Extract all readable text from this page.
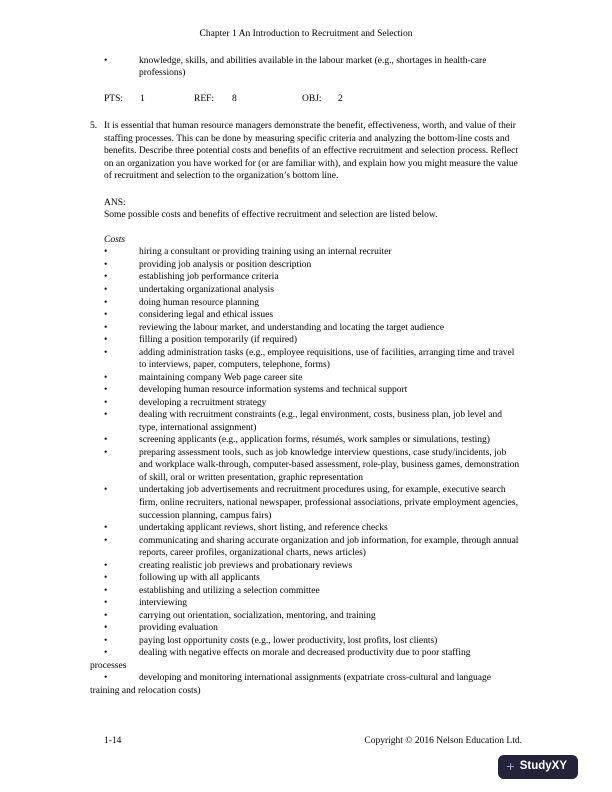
Chapter 1 An Introduction to Recruitment and Selection
•	knowledge, skills, and abilities available in the labour market (e.g., shortages in health-care professions)
PTS:	1	REF:	8	OBJ:	2
5. It is essential that human resource managers demonstrate the benefit, effectiveness, worth, and value of their staffing processes. This can be done by measuring specific criteria and analyzing the bottom-line costs and benefits. Describe three potential costs and benefits of an effective recruitment and selection process. Reflect on an organization you have worked for (or are familiar with), and explain how you might measure the value of recruitment and selection to the organization’s bottom line.
ANS:
Some possible costs and benefits of effective recruitment and selection are listed below.
Costs
•	hiring a consultant or providing training using an internal recruiter
•	providing job analysis or position description
•	establishing job performance criteria
•	undertaking organizational analysis
•	doing human resource planning
•	considering legal and ethical issues
•	reviewing the labour market, and understanding and locating the target audience
•	filling a position temporarily (if required)
•	adding administration tasks (e.g., employee requisitions, use of facilities, arranging time and travel to interviews, paper, computers, telephone, forms)
•	maintaining company Web page career site
•	developing human resource information systems and technical support
•	developing a recruitment strategy
•	dealing with recruitment constraints (e.g., legal environment, costs, business plan, job level and type, international assignment)
•	screening applicants (e.g., application forms, résumés, work samples or simulations, testing)
•	preparing assessment tools, such as job knowledge interview questions, case study/incidents, job and workplace walk-through, computer-based assessment, role-play, business games, demonstration of skill, oral or written presentation, graphic representation
•	undertaking job advertisements and recruitment procedures using, for example, executive search firm, online recruiters, national newspaper, professional associations, private employment agencies, succession planning, campus fairs)
•	undertaking applicant reviews, short listing, and reference checks
•	communicating and sharing accurate organization and job information, for example, through annual reports, career profiles, organizational charts, news articles)
•	creating realistic job previews and probationary reviews
•	following up with all applicants
•	establishing and utilizing a selection committee
•	interviewing
•	carrying out orientation, socialization, mentoring, and training
•	providing evaluation
•	paying lost opportunity costs (e.g., lower productivity, lost profits, lost clients)
•	dealing with negative effects on morale and decreased productivity due to poor staffing
processes
•	developing and monitoring international assignments (expatriate cross-cultural and language
training and relocation costs)
1-14	Copyright © 2016 Nelson Education Ltd.
+ StudyXY
